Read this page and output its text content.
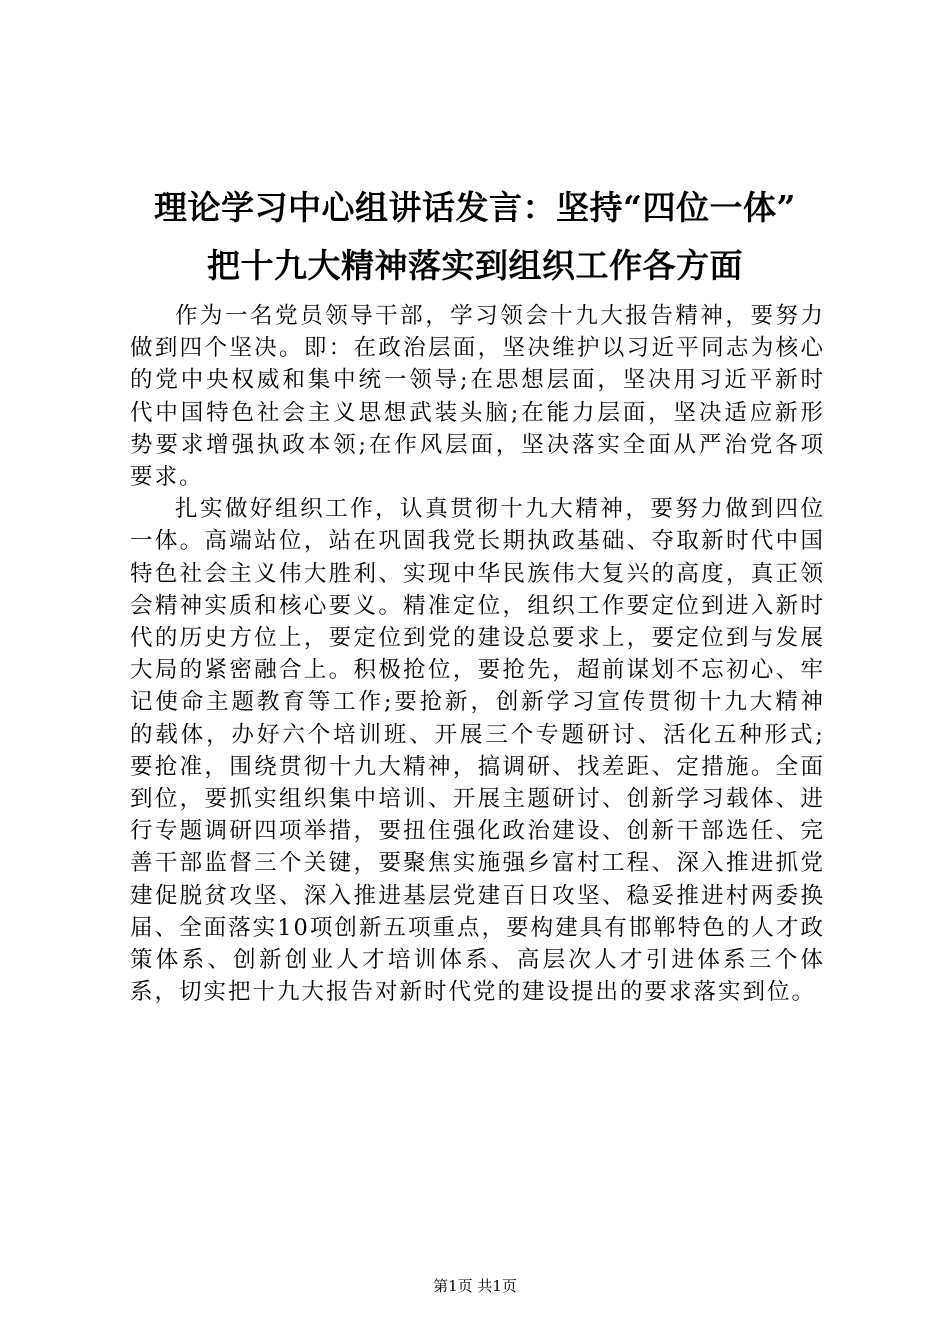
理论学习中心组讲话发言：坚持“四位一体”
把十九大精神落实到组织工作各方面

作为一名党员领导干部，学习领会十九大报告精神，要努力做到四个坚决。即：在政治层面，坚决维护以习近平同志为核心的党中央权威和集中统一领导;在思想层面，坚决用习近平新时代中国特色社会主义思想武装头脑;在能力层面，坚决适应新形势要求增强执政本领;在作风层面，坚决落实全面从严治党各项要求。

扎实做好组织工作，认真贯彻十九大精神，要努力做到四位一体。高端站位，站在巩固我党长期执政基础、夺取新时代中国特色社会主义伟大胜利、实现中华民族伟大复兴的高度，真正领会精神实质和核心要义。精准定位，组织工作要定位到进入新时代的历史方位上，要定位到党的建设总要求上，要定位到与发展大局的紧密融合上。积极抢位，要抢先，超前谋划不忘初心、牢记使命主题教育等工作;要抢新，创新学习宣传贯彻十九大精神的载体，办好六个培训班、开展三个专题研讨、活化五种形式;要抢准，围绕贯彻十九大精神，搞调研、找差距、定措施。全面到位，要抓实组织集中培训、开展主题研讨、创新学习载体、进行专题调研四项举措，要扭住强化政治建设、创新干部选任、完善干部监督三个关键，要聚焦实施强乡富村工程、深入推进抓党建促脱贫攻坚、深入推进基层党建百日攻坚、稳妥推进村两委换届、全面落实10项创新五项重点，要构建具有邯郸特色的人才政策体系、创新创业人才培训体系、高层次人才引进体系三个体系，切实把十九大报告对新时代党的建设提出的要求落实到位。

第1页 共1页
